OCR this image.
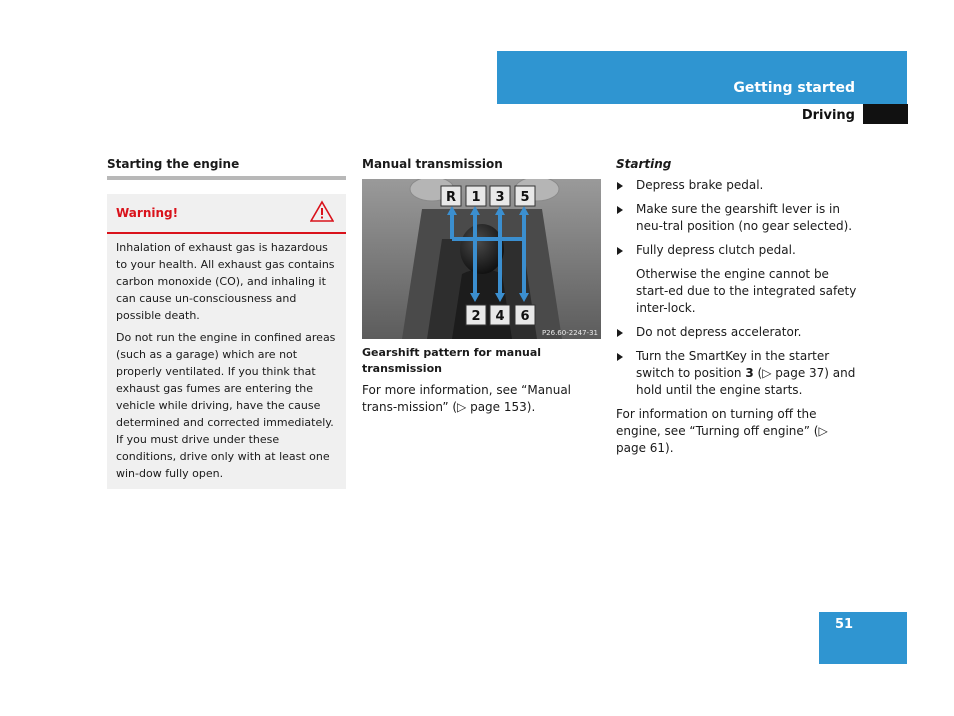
Getting started
Driving

Starting the engine

Warning!

Inhalation of exhaust gas is hazardous to your health. All exhaust gas contains carbon monoxide (CO), and inhaling it can cause un-consciousness and possible death.

Do not run the engine in confined areas (such as a garage) which are not properly ventilated. If you think that exhaust gas fumes are entering the vehicle while driving, have the cause determined and corrected immediately. If you must drive under these conditions, drive only with at least one win-dow fully open.

Manual transmission

R 1 3 5
2 4 6
P26.60-2247-31

Gearshift pattern for manual transmission

For more information, see “Manual trans-mission” (▷ page 153).

Starting

Depress brake pedal.
Make sure the gearshift lever is in neu-tral position (no gear selected).
Fully depress clutch pedal.

Otherwise the engine cannot be start-ed due to the integrated safety inter-lock.

Do not depress accelerator.
Turn the SmartKey in the starter switch to position 3 (▷ page 37) and hold until the engine starts.

For information on turning off the engine, see “Turning off engine” (▷ page 61).

51
